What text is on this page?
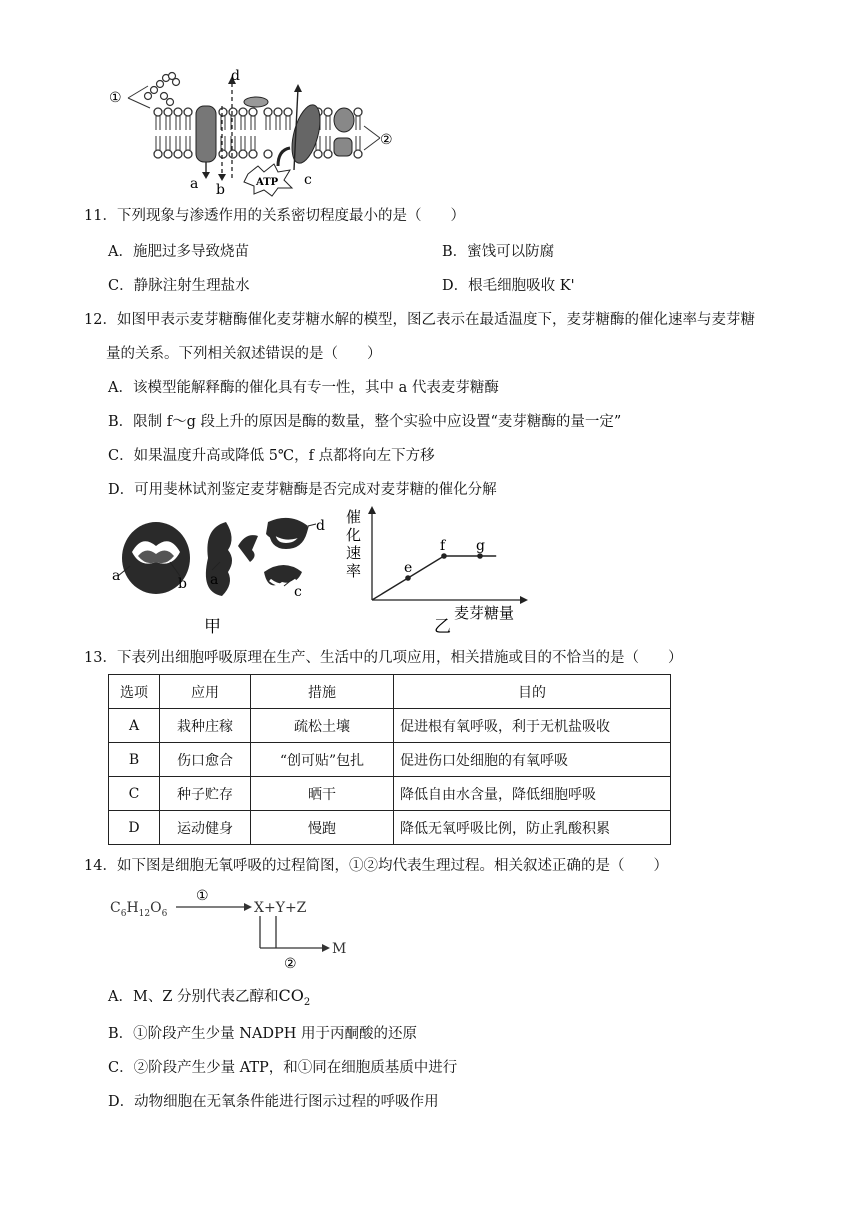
①
②
a b
c
d
ATP
11．下列现象与渗透作用的关系密切程度最小的是（　　）
A．施肥过多导致烧苗	B．蜜饯可以防腐
C．静脉注射生理盐水	D．根毛细胞吸收 K'
12．如图甲表示麦芽糖酶催化麦芽糖水解的模型，图乙表示在最适温度下，麦芽糖酶的催化速率与麦芽糖
量的关系。下列相关叙述错误的是（　　）
A．该模型能解释酶的催化具有专一性，其中 a 代表麦芽糖酶
B．限制 f～g 段上升的原因是酶的数量，整个实验中应设置“麦芽糖酶的量一定”
C．如果温度升高或降低 5℃，f 点都将向左下方移
D．可用斐林试剂鉴定麦芽糖酶是否完成对麦芽糖的催化分解
a	b a
c
d
甲
催
化
速
率
麦芽糖量
e
f g
乙
13．下表列出细胞呼吸原理在生产、生活中的几项应用，相关措施或目的不恰当的是（　　）
选项	应用	措施	目的
A	栽种庄稼	疏松土壤	促进根有氧呼吸，利于无机盐吸收
B	伤口愈合	“创可贴”包扎	促进伤口处细胞的有氧呼吸
C	种子贮存	晒干	降低自由水含量，降低细胞呼吸
D	运动健身	慢跑	降低无氧呼吸比例，防止乳酸积累
14．如下图是细胞无氧呼吸的过程简图，①②均代表生理过程。相关叙述正确的是（　　）
$C_6H_{12}O_6$
①
X+Y+Z
M
②
A．M、Z 分别代表乙醇和$CO_2$
B．①阶段产生少量 NADPH 用于丙酮酸的还原
C．②阶段产生少量 ATP，和①同在细胞质基质中进行
D．动物细胞在无氧条件能进行图示过程的呼吸作用
